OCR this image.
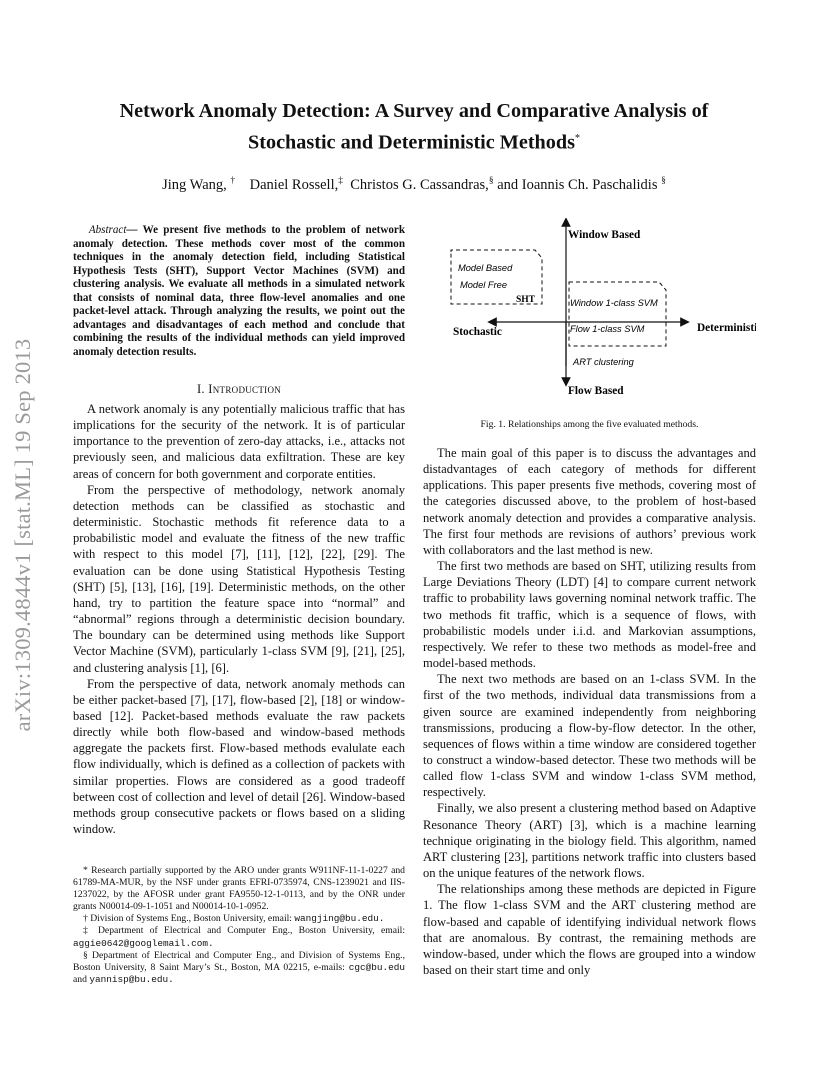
arXiv:1309.4844v1 [stat.ML] 19 Sep 2013
Network Anomaly Detection: A Survey and Comparative Analysis of
Stochastic and Deterministic Methods*
Jing Wang, † Daniel Rossell,‡ Christos G. Cassandras,§ and Ioannis Ch. Paschalidis §
Abstract— We present five methods to the problem of network anomaly detection. These methods cover most of the common techniques in the anomaly detection field, including Statistical Hypothesis Tests (SHT), Support Vector Machines (SVM) and clustering analysis. We evaluate all methods in a simulated network that consists of nominal data, three flow-level anomalies and one packet-level attack. Through analyzing the results, we point out the advantages and disadvantages of each method and conclude that combining the results of the individual methods can yield improved anomaly detection results.
I. Introduction

A network anomaly is any potentially malicious traffic that has implications for the security of the network. It is of particular importance to the prevention of zero-day attacks, i.e., attacks not previously seen, and malicious data exfiltration. These are key areas of concern for both government and corporate entities.

From the perspective of methodology, network anomaly detection methods can be classified as stochastic and deterministic. Stochastic methods fit reference data to a probabilistic model and evaluate the fitness of the new traffic with respect to this model [7], [11], [12], [22], [29]. The evaluation can be done using Statistical Hypothesis Testing (SHT) [5], [13], [16], [19]. Deterministic methods, on the other hand, try to partition the feature space into “normal” and “abnormal” regions through a deterministic decision boundary. The boundary can be determined using methods like Support Vector Machine (SVM), particularly 1-class SVM [9], [21], [25], and clustering analysis [1], [6].

From the perspective of data, network anomaly methods can be either packet-based [7], [17], flow-based [2], [18] or window-based [12]. Packet-based methods evaluate the raw packets directly while both flow-based and window-based methods aggregate the packets first. Flow-based methods evalulate each flow individually, which is defined as a collection of packets with similar properties. Flows are considered as a good tradeoff between cost of collection and level of detail [26]. Window-based methods group consecutive packets or flows based on a sliding window.

* Research partially supported by the ARO under grants W911NF-11-1-0227 and 61789-MA-MUR, by the NSF under grants EFRI-0735974, CNS-1239021 and IIS-1237022, by the AFOSR under grant FA9550-12-1-0113, and by the ONR under grants N00014-09-1-1051 and N00014-10-1-0952.

† Division of Systems Eng., Boston University, email: wangjing@bu.edu.

‡ Department of Electrical and Computer Eng., Boston University, email: aggie0642@googlemail.com.

§ Department of Electrical and Computer Eng., and Division of Systems Eng., Boston University, 8 Saint Mary’s St., Boston, MA 02215, e-mails: cgc@bu.edu and yannisp@bu.edu.

Window Based
Flow Based
Stochastic	Deterministic
Model Based
Model Free
SHT	Window 1-class SVM
Flow 1-class SVM
ART clustering
Fig. 1. Relationships among the five evaluated methods.

The main goal of this paper is to discuss the advantages and distadvantages of each category of methods for different applications. This paper presents five methods, covering most of the categories discussed above, to the problem of host-based network anomaly detection and provides a comparative analysis. The first four methods are revisions of authors’ previous work with collaborators and the last method is new.

The first two methods are based on SHT, utilizing results from Large Deviations Theory (LDT) [4] to compare current network traffic to probability laws governing nominal network traffic. The two methods fit traffic, which is a sequence of flows, with probabilistic models under i.i.d. and Markovian assumptions, respectively. We refer to these two methods as model-free and model-based methods.

The next two methods are based on an 1-class SVM. In the first of the two methods, individual data transmissions from a given source are examined independently from neighboring transmissions, producing a flow-by-flow detector. In the other, sequences of flows within a time window are considered together to construct a window-based detector. These two methods will be called flow 1-class SVM and window 1-class SVM method, respectively.

Finally, we also present a clustering method based on Adaptive Resonance Theory (ART) [3], which is a machine learning technique originating in the biology field. This algorithm, named ART clustering [23], partitions network traffic into clusters based on the unique features of the network flows.

The relationships among these methods are depicted in Figure 1. The flow 1-class SVM and the ART clustering method are flow-based and capable of identifying individual network flows that are anomalous. By contrast, the remaining methods are window-based, under which the flows are grouped into a window based on their start time and only
